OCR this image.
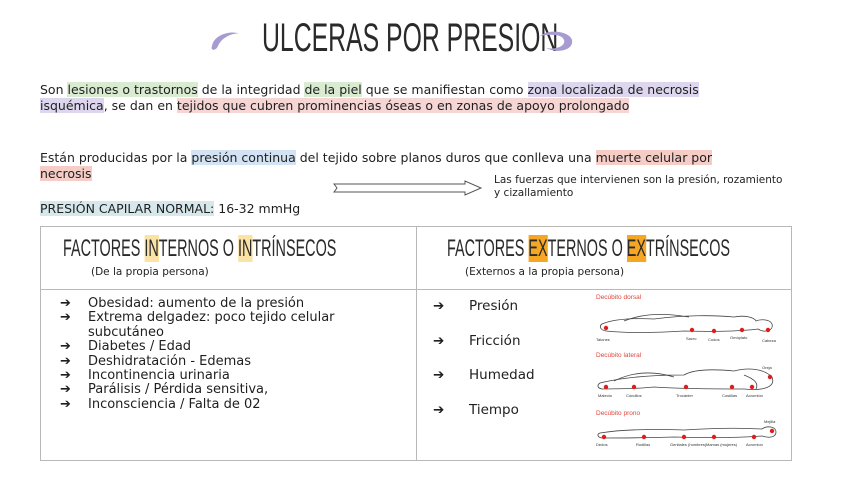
ULCERAS POR PRESION

Son lesiones o trastornos de la integridad de la piel que se manifiestan como zona localizada de necrosis isquémica, se dan en tejidos que cubren prominencias óseas o en zonas de apoyo prolongado

Están producidas por la presión continua del tejido sobre planos duros que conlleva una muerte celular por necrosis	Las fuerzas que intervienen son la presión, rozamiento y cizallamiento

PRESIÓN CAPILAR NORMAL: 16-32 mmHg

FACTORES INTERNOS O INTRÍNSECOS

(De la propia persona)

FACTORES EXTERNOS O EXTRÍNSECOS

(Externos a la propia persona)

➔ Obesidad: aumento de la presión
➔ Extrema delgadez: poco tejido celular subcutáneo
➔ Diabetes / Edad
➔ Deshidratación - Edemas
➔ Incontinencia urinaria
➔ Parálisis / Pérdida sensitiva,
➔ Inconsciencia / Falta de 02
➔ Presión
➔ Fricción
➔ Humedad
➔ Tiempo
Decúbito dorsal
Talones	Sacro	Codos	Omóplato
Cabeza
Decúbito lateral
Maleolo	Cóndilos	Trocánter	Costillas Acromión
Oreja
Decúbito prono
Dedos	Rodillas	Genitales (hombres) Mamas (mujeres) Acromion
Mejilla
